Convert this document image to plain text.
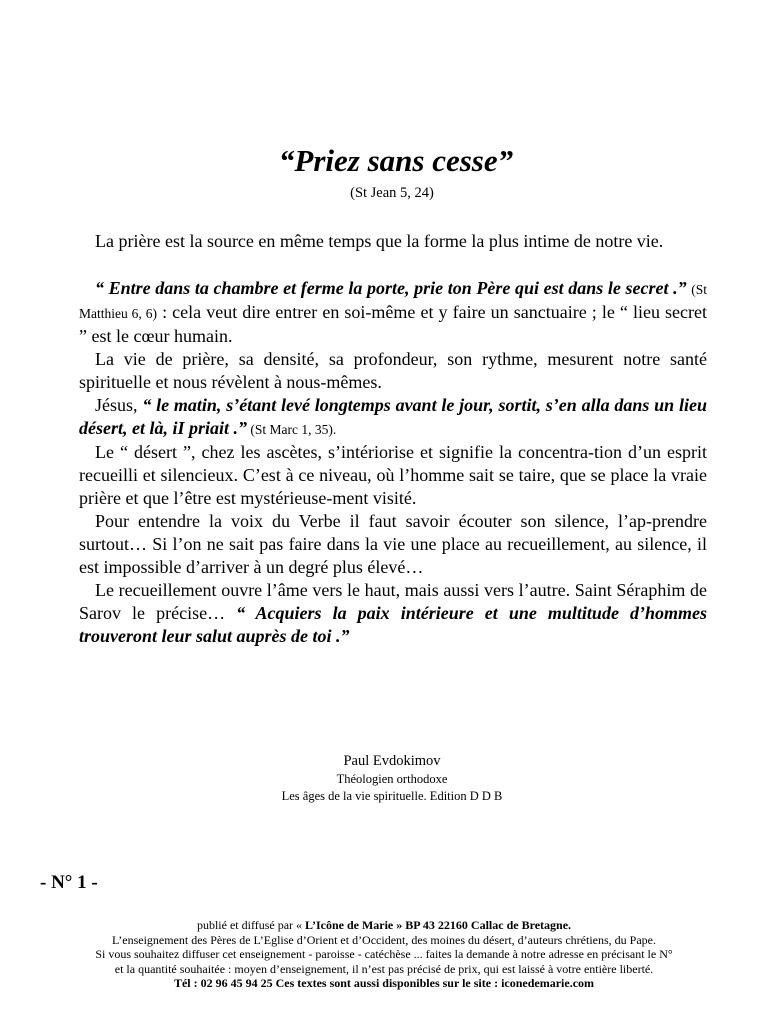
“Priez sans cesse”
(St Jean 5, 24)

La prière est la source en même temps que la forme la plus intime de notre vie.

“ Entre dans ta chambre et ferme la porte, prie ton Père qui est dans le secret .” (St Matthieu 6, 6) : cela veut dire entrer en soi-même et y faire un sanctuaire ; le “ lieu secret ” est le cœur humain.

La vie de prière, sa densité, sa profondeur, son rythme, mesurent notre santé spirituelle et nous révèlent à nous-mêmes.

Jésus, “ le matin, s’étant levé longtemps avant le jour, sortit, s’en alla dans un lieu désert, et là, iI priait .” (St Marc 1, 35).

Le “ désert ”, chez les ascètes, s’intériorise et signifie la concentra-tion d’un esprit recueilli et silencieux. C’est à ce niveau, où l’homme sait se taire, que se place la vraie prière et que l’être est mystérieuse-ment visité.

Pour entendre la voix du Verbe il faut savoir écouter son silence, l’ap-prendre surtout… Si l’on ne sait pas faire dans la vie une place au recueillement, au silence, il est impossible d’arriver à un degré plus élevé…

Le recueillement ouvre l’âme vers le haut, mais aussi vers l’autre. Saint Séraphim de Sarov le précise… “ Acquiers la paix intérieure et une multitude d’hommes trouveront leur salut auprès de toi .”

Paul Evdokimov
Théologien orthodoxe
Les âges de la vie spirituelle. Edition D D B
- N° 1 -
publié et diffusé par « L’Icône de Marie » BP 43 22160 Callac de Bretagne.
L’enseignement des Pères de L’Eglise d’Orient et d’Occident, des moines du désert, d’auteurs chrétiens, du Pape.
Si vous souhaitez diffuser cet enseignement - paroisse - catéchèse ... faites la demande à notre adresse en précisant le N°
et la quantité souhaitée : moyen d’enseignement, il n’est pas précisé de prix, qui est laissé à votre entière liberté.
Tél : 02 96 45 94 25 Ces textes sont aussi disponibles sur le site : iconedemarie.com
